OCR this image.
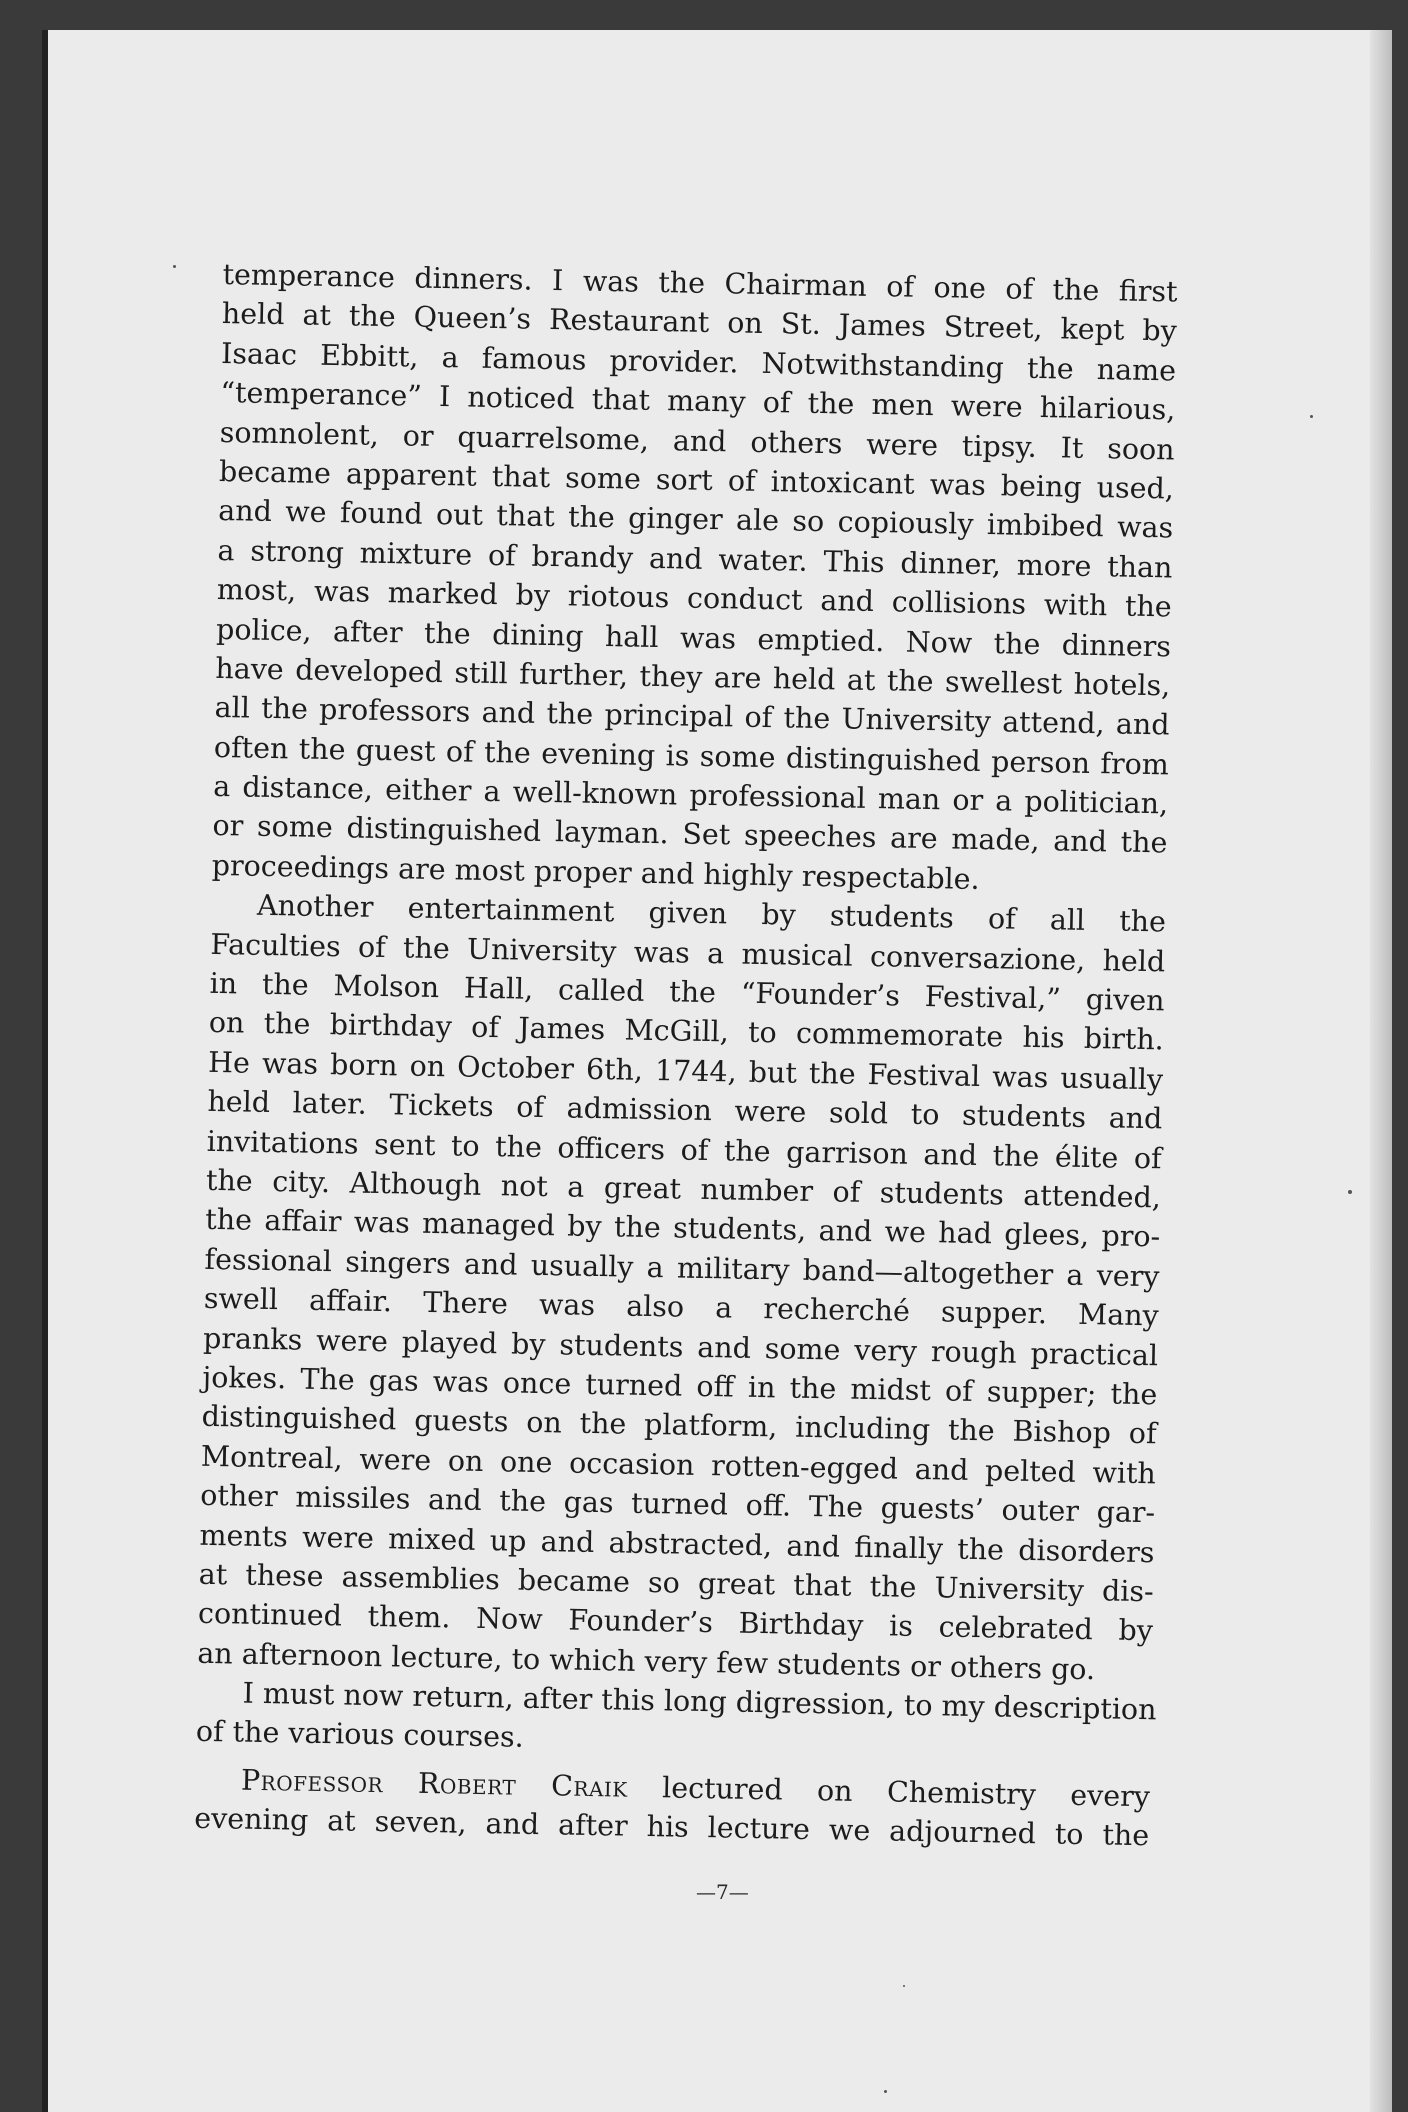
temperance dinners. I was the Chairman of one of the first
held at the Queen’s Restaurant on St. James Street, kept by
Isaac Ebbitt, a famous provider. Notwithstanding the name
“temperance” I noticed that many of the men were hilarious,
somnolent, or quarrelsome, and others were tipsy. It soon
became apparent that some sort of intoxicant was being used,
and we found out that the ginger ale so copiously imbibed was
a strong mixture of brandy and water. This dinner, more than
most, was marked by riotous conduct and collisions with the
police, after the dining hall was emptied. Now the dinners
have developed still further, they are held at the swellest hotels,
all the professors and the principal of the University attend, and
often the guest of the evening is some distinguished person from
a distance, either a well-known professional man or a politician,
or some distinguished layman. Set speeches are made, and the
proceedings are most proper and highly respectable.
Another entertainment given by students of all the
Faculties of the University was a musical conversazione, held
in the Molson Hall, called the “Founder’s Festival,” given
on the birthday of James McGill, to commemorate his birth.
He was born on October 6th, 1744, but the Festival was usually
held later. Tickets of admission were sold to students and
invitations sent to the officers of the garrison and the élite of
the city. Although not a great number of students attended,
the affair was managed by the students, and we had glees, pro-
fessional singers and usually a military band—altogether a very
swell affair. There was also a recherché supper. Many
pranks were played by students and some very rough practical
jokes. The gas was once turned off in the midst of supper; the
distinguished guests on the platform, including the Bishop of
Montreal, were on one occasion rotten-egged and pelted with
other missiles and the gas turned off. The guests’ outer gar-
ments were mixed up and abstracted, and finally the disorders
at these assemblies became so great that the University dis-
continued them. Now Founder’s Birthday is celebrated by
an afternoon lecture, to which very few students or others go.
I must now return, after this long digression, to my description
of the various courses.
Professor Robert Craik lectured on Chemistry every
evening at seven, and after his lecture we adjourned to the
—7—
